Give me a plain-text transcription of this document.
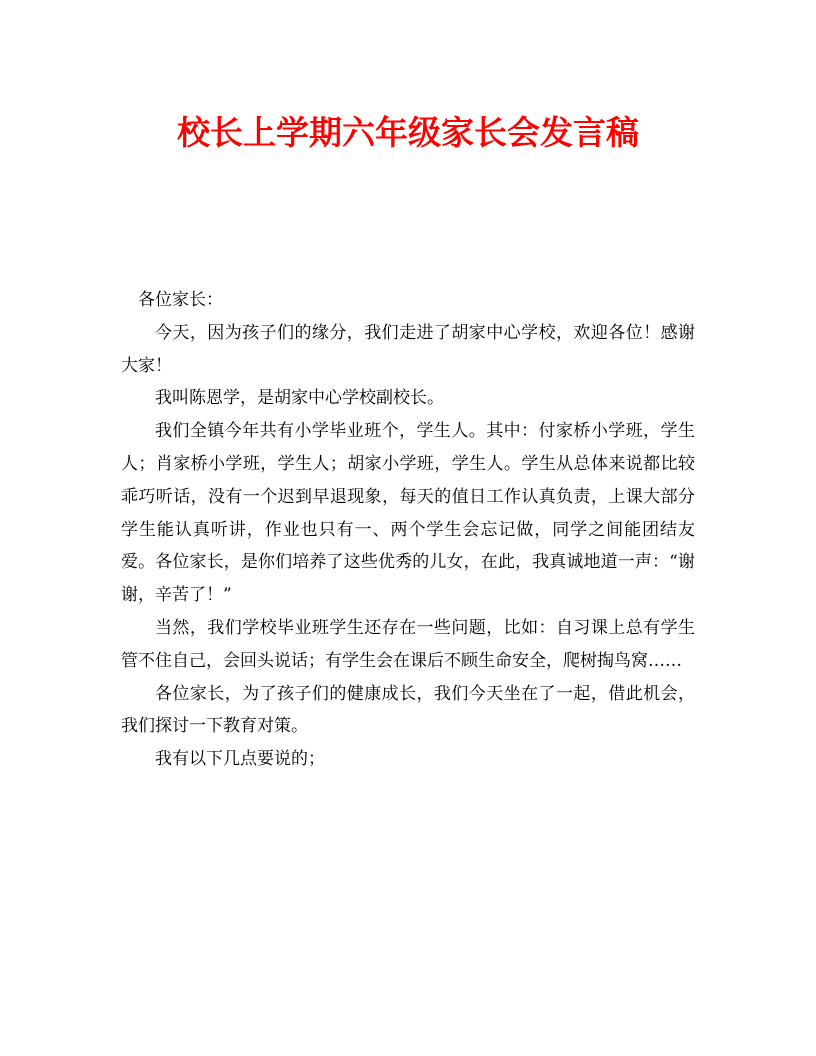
校长上学期六年级家长会发言稿

各位家长：

今天，因为孩子们的缘分，我们走进了胡家中心学校，欢迎各位！感谢大家！

我叫陈恩学，是胡家中心学校副校长。

我们全镇今年共有小学毕业班个，学生人。其中：付家桥小学班，学生人；肖家桥小学班，学生人；胡家小学班，学生人。学生从总体来说都比较乖巧听话，没有一个迟到早退现象，每天的值日工作认真负责，上课大部分学生能认真听讲，作业也只有一、两个学生会忘记做，同学之间能团结友爱。各位家长，是你们培养了这些优秀的儿女，在此，我真诚地道一声：“谢谢，辛苦了！”

当然，我们学校毕业班学生还存在一些问题，比如：自习课上总有学生管不住自己，会回头说话；有学生会在课后不顾生命安全，爬树掏鸟窝……

各位家长，为了孩子们的健康成长，我们今天坐在了一起，借此机会，我们探讨一下教育对策。

我有以下几点要说的；
